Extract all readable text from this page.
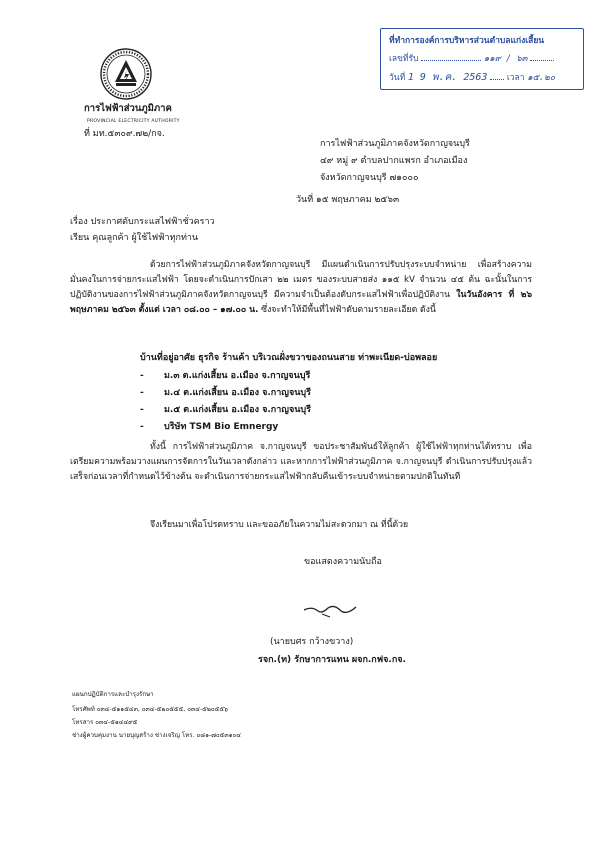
ที่ทำการองค์การบริหารส่วนตำบลแก่งเสี้ยน
เลขที่รับ	๑๑๙ / ๖๓
วันที่ 1 9 พ.ค. 2563 เวลา ๑๕.๒๐
การไฟฟ้าส่วนภูมิภาค
PROVINCIAL ELECTRICITY AUTHORITY
ที่ มท.๕๓๐๙.๗๒/กจ.
การไฟฟ้าส่วนภูมิภาคจังหวัดกาญจนบุรี
๔๙ หมู่ ๙ ตำบลปากแพรก อำเภอเมือง
จังหวัดกาญจนบุรี ๗๑๐๐๐
วันที่ ๑๕ พฤษภาคม ๒๕๖๓
เรื่อง ประกาศดับกระแสไฟฟ้าชั่วคราว
เรียน คุณลูกค้า ผู้ใช้ไฟฟ้าทุกท่าน

ด้วยการไฟฟ้าส่วนภูมิภาคจังหวัดกาญจนบุรี มีแผนดำเนินการปรับปรุงระบบจำหน่าย เพื่อสร้างความมั่นคงในการจ่ายกระแสไฟฟ้า โดยจะดำเนินการปักเสา ๒๒ เมตร ของระบบสายส่ง ๑๑๕ kV จำนวน ๔๕ ต้น ฉะนั้นในการปฏิบัติงานของการไฟฟ้าส่วนภูมิภาคจังหวัดกาญจนบุรี มีความจำเป็นต้องดับกระแสไฟฟ้าเพื่อปฏิบัติงาน ในวันอังคาร ที่ ๒๖ พฤษภาคม ๒๕๖๓ ตั้งแต่ เวลา ๐๘.๐๐ – ๑๗.๐๐ น. ซึ่งจะทำให้มีพื้นที่ไฟฟ้าดับตามรายละเอียด ดังนี้

บ้านที่อยู่อาศัย ธุรกิจ ร้านค้า บริเวณฝั่งขวาของถนนสาย ท่าพะเนียด-บ่อพลอย
- ม.๓ ต.แก่งเสี้ยน อ.เมือง จ.กาญจนบุรี
- ม.๔ ต.แก่งเสี้ยน อ.เมือง จ.กาญจนบุรี
- ม.๕ ต.แก่งเสี้ยน อ.เมือง จ.กาญจนบุรี
- บริษัท TSM Bio Emnergy

ทั้งนี้ การไฟฟ้าส่วนภูมิภาค จ.กาญจนบุรี ขอประชาสัมพันธ์ให้ลูกค้า ผู้ใช้ไฟฟ้าทุกท่านได้ทราบ เพื่อเตรียมความพร้อมวางแผนการจัดการในวันเวลาดังกล่าว และหากการไฟฟ้าส่วนภูมิภาค จ.กาญจนบุรี ดำเนินการปรับปรุงแล้วเสร็จก่อนเวลาที่กำหนดไว้ข้างต้น จะดำเนินการจ่ายกระแสไฟฟ้ากลับคืนเข้าระบบจำหน่ายตามปกติในทันที

จึงเรียนมาเพื่อโปรดทราบ และขออภัยในความไม่สะดวกมา ณ ที่นี้ด้วย

ขอแสดงความนับถือ
(นายบศร กว้างขวาง)
รจก.(ท) รักษาการแทน ผจก.กฟจ.กจ.
แผนกปฏิบัติการและบำรุงรักษา
โทรศัพท์ ๐๓๔-๕๑๑๕๔๓, ๐๓๔-๕๒๐๕๕๕, ๐๓๔-๕๒๐๕๕๖
โทรสาร ๐๓๔-๕๑๔๔๙๕
ช่างผู้ควบคุมงาน นายบุญสร้าง ช่างเจริญ โทร. ๐๘๑-๗๐๕๓๑๐๔
